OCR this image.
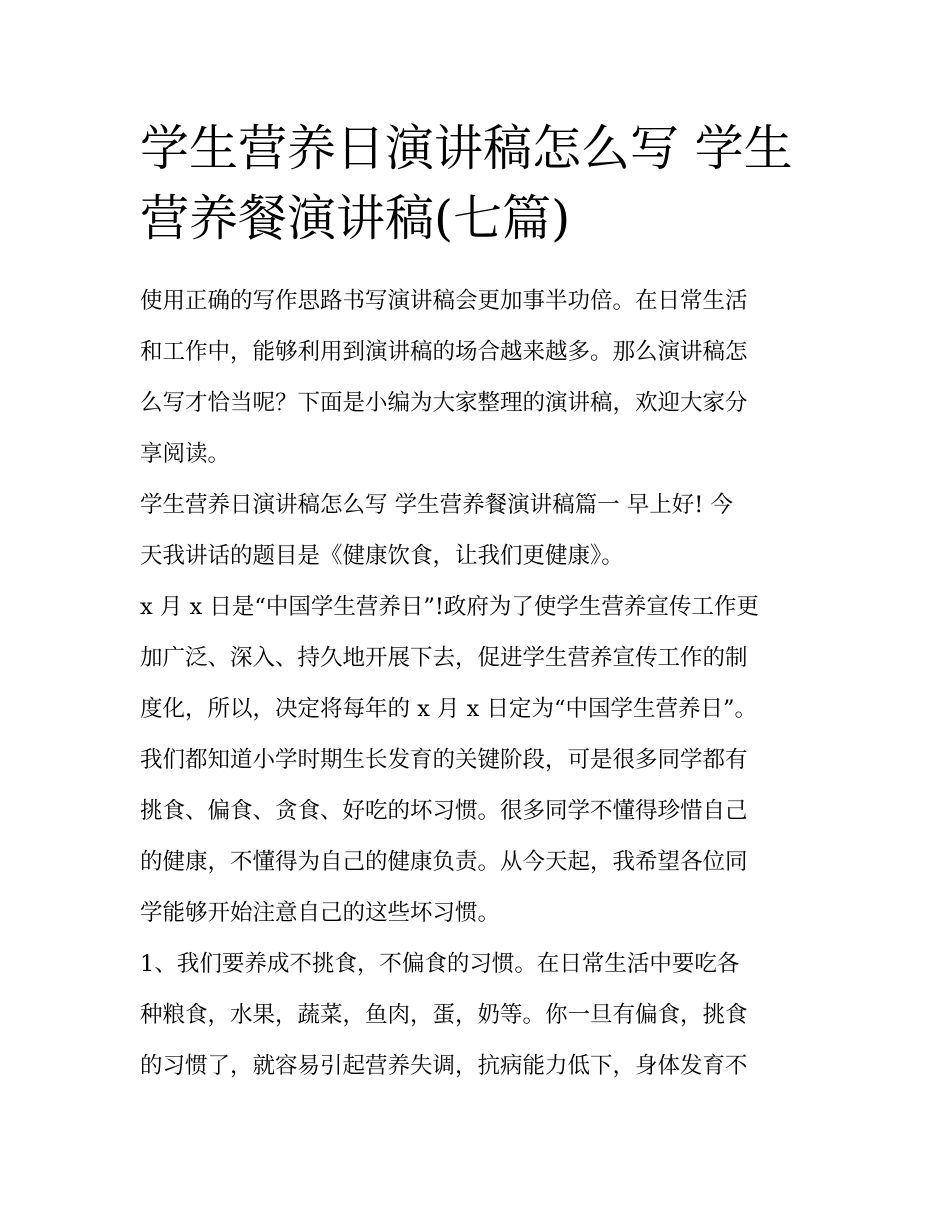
学生营养日演讲稿怎么写 学生
营养餐演讲稿(七篇)

使用正确的写作思路书写演讲稿会更加事半功倍。在日常生活
和工作中，能够利用到演讲稿的场合越来越多。那么演讲稿怎
么写才恰当呢？下面是小编为大家整理的演讲稿，欢迎大家分
享阅读。

学生营养日演讲稿怎么写 学生营养餐演讲稿篇一 早上好! 今
天我讲话的题目是《健康饮食，让我们更健康》。

x 月 x 日是“中国学生营养日”!政府为了使学生营养宣传工作更
加广泛、深入、持久地开展下去，促进学生营养宣传工作的制
度化，所以，决定将每年的 x 月 x 日定为“中国学生营养日”。

我们都知道小学时期生长发育的关键阶段，可是很多同学都有
挑食、偏食、贪食、好吃的坏习惯。很多同学不懂得珍惜自己
的健康，不懂得为自己的健康负责。从今天起，我希望各位同
学能够开始注意自己的这些坏习惯。

1、我们要养成不挑食，不偏食的习惯。在日常生活中要吃各
种粮食，水果，蔬菜，鱼肉，蛋，奶等。你一旦有偏食，挑食
的习惯了，就容易引起营养失调，抗病能力低下，身体发育不
